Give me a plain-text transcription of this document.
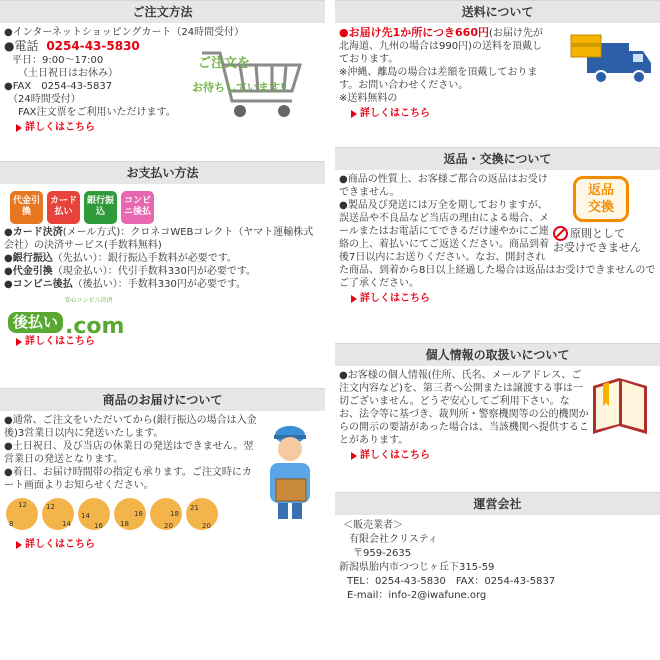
ご注文方法
●インターネットショッピングカート（24時間受付）
●電話 0254-43-5830
平日：9:00～17:00
（土日祝日はお休み）
●FAX　0254-43-5837
（24時間受付）
FAX注文票をご利用いただけます。
詳しくはこちら
ご注文を
お待ちしています!
お支払い方法
代金引換カード払い銀行振込コンビニ後払
●カード決済(メール方式)：クロネコWEBコレクト（ヤマト運輸株式会社）の決済サービス(手数料無料)
●銀行振込（先払い）：銀行振込手数料が必要です。
●代金引換（現金払い）：代引手数料330円が必要です。
●コンビニ後払（後払い）：手数料330円が必要です。
後払い .com
安心コンビニ決済
詳しくはこちら
商品のお届けについて
●通常、ご注文をいただいてから(銀行振込の場合は入金後)3営業日以内に発送いたします。
●土日祝日、及び当店の休業日の発送はできません。翌営業日の発送となります。
●着日、お届け時間帯の指定も承ります。ご注文時にカート画面よりお知らせください。
12
8
12
14
14
16
16
18
18
20
21
20
詳しくはこちら
送料について
●お届け先1か所につき660円(お届け先が北海道、九州の場合は990円)の送料を頂戴しております。
※沖縄、離島の場合は差額を頂戴しております。お問い合わせください。
※送料無料の
詳しくはこちら
返品・交換について
●商品の性質上、お客様ご都合の返品はお受けできません。
●製品及び発送には万全を期しておりますが、誤送品や不良品など当店の理由による場合、メールまたはお電話にてできるだけ速やかにご連絡の上、着払いにてご返送ください。商品到着後7日以内にお送りください。なお、開封された商品、到着から8日以上経過した場合は返品はお受けできませんのでご了承ください。
詳しくはこちら
返品
交換
原則として
お受けできません
個人情報の取扱いについて
●お客様の個人情報(住所、氏名、メールアドレス、ご注文内容など)を、第三者へ公開または譲渡する事は一切ございません。どうぞ安心してご利用下さい。なお、法令等に基づき、裁判所・警察機関等の公的機関からの開示の要請があった場合は、当該機関へ提供することがあります。
詳しくはこちら
運営会社
＜販売業者＞
有限会社クリスティ
〒959-2635
新潟県胎内市つつじヶ丘下315-59
TEL：0254-43-5830　FAX：0254-43-5837
E-mail：info-2@iwafune.org
